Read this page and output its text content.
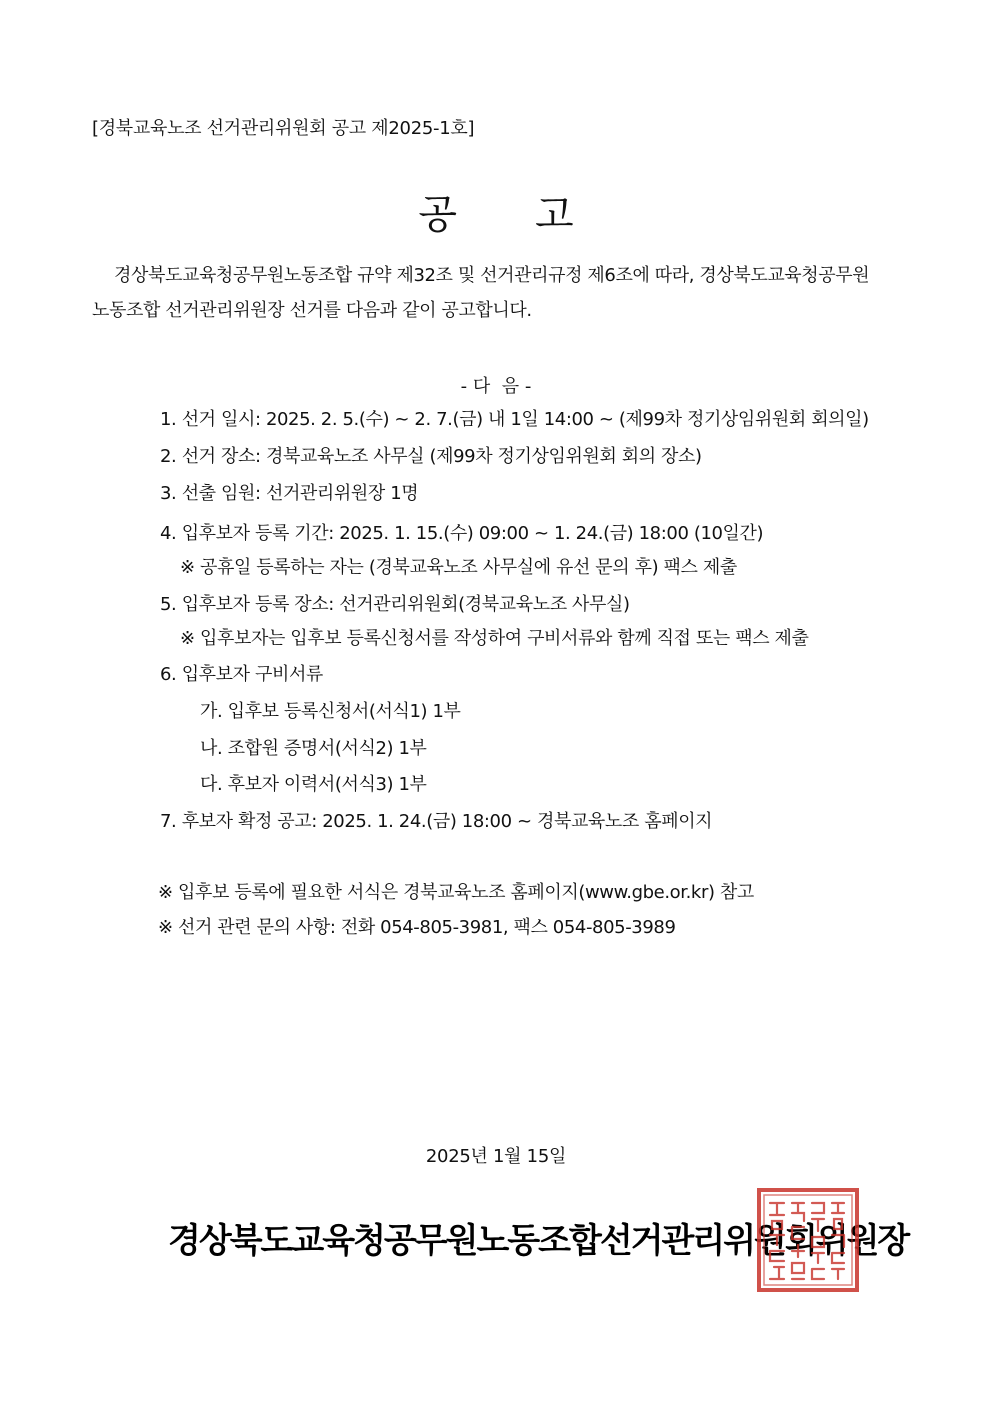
[경북교육노조 선거관리위원회 공고 제2025-1호]
공 고

경상북도교육청공무원노동조합 규약 제32조 및 선거관리규정 제6조에 따라, 경상북도교육청공무원

노동조합 선거관리위원장 선거를 다음과 같이 공고합니다.

- 다  음 -
1. 선거 일시: 2025. 2. 5.(수) ~ 2. 7.(금) 내 1일 14:00 ~ (제99차 정기상임위원회 회의일)
2. 선거 장소: 경북교육노조 사무실 (제99차 정기상임위원회 회의 장소)
3. 선출 임원: 선거관리위원장 1명
4. 입후보자 등록 기간: 2025. 1. 15.(수) 09:00 ~ 1. 24.(금) 18:00 (10일간)
※ 공휴일 등록하는 자는 (경북교육노조 사무실에 유선 문의 후) 팩스 제출
5. 입후보자 등록 장소: 선거관리위원회(경북교육노조 사무실)
※ 입후보자는 입후보 등록신청서를 작성하여 구비서류와 함께 직접 또는 팩스 제출
6. 입후보자 구비서류
가. 입후보 등록신청서(서식1) 1부
나. 조합원 증명서(서식2) 1부
다. 후보자 이력서(서식3) 1부
7. 후보자 확정 공고: 2025. 1. 24.(금) 18:00 ~ 경북교육노조 홈페이지
※ 입후보 등록에 필요한 서식은 경북교육노조 홈페이지(www.gbe.or.kr) 참고
※ 선거 관련 문의 사항: 전화 054-805-3981, 팩스 054-805-3989
2025년 1월 15일
경상북도교육청공무원노동조합선거관리위원회위원장
